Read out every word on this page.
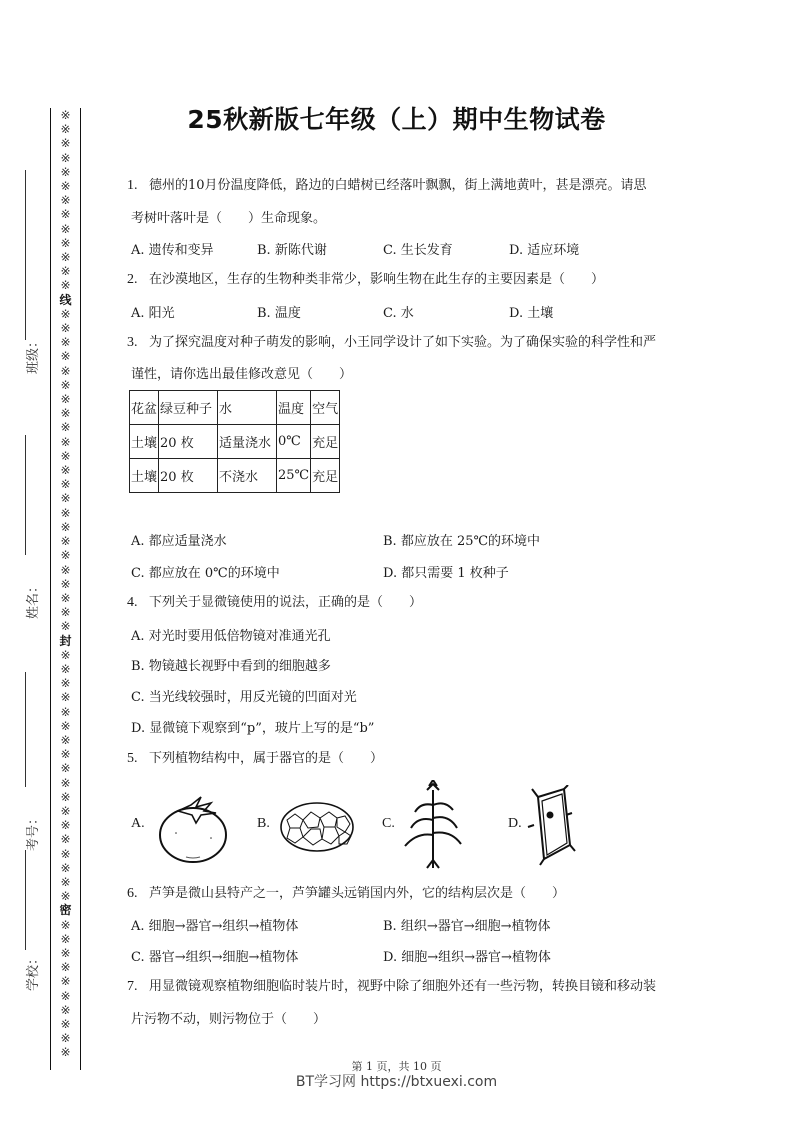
※
※
※
※
※
※
※
※
※
※
※
※
※
线
※
※
※
※
※
※
※
※
※
※
※
※
※
※
※
※
※
※
※
※
※
※
※
封
※
※
※
※
※
※
※
※
※
※
※
※
※
※
※
※
※
※
密
※
※
※
※
※
※
※
※
※
※
班级：
姓名：
考号：
学校：
25秋新版七年级（上）期中生物试卷
1. 德州的10月份温度降低，路边的白蜡树已经落叶飘飘，街上满地黄叶，甚是漂亮。请思
考树叶落叶是（　　）生命现象。
A. 遗传和变异	B. 新陈代谢	C. 生长发育	D. 适应环境
2. 在沙漠地区，生存的生物种类非常少，影响生物在此生存的主要因素是（　　）
A. 阳光	B. 温度	C. 水	D. 土壤
3. 为了探究温度对种子萌发的影响，小王同学设计了如下实验。为了确保实验的科学性和严
谨性，请你选出最佳修改意见（　　）
花盆	绿豆种子	水	温度	空气
土壤	20 枚	适量浇水	0℃	充足
土壤	20 枚	不浇水	25℃	充足
A. 都应适量浇水	B. 都应放在 25℃的环境中
C. 都应放在 0℃的环境中	D. 都只需要 1 枚种子
4. 下列关于显微镜使用的说法，正确的是（　　）
A. 对光时要用低倍物镜对准通光孔
B. 物镜越长视野中看到的细胞越多
C. 当光线较强时，用反光镜的凹面对光
D. 显微镜下观察到“p”，玻片上写的是“b”
5. 下列植物结构中，属于器官的是（　　）
A.	B.	C.	D.
6. 芦笋是微山县特产之一，芦笋罐头远销国内外，它的结构层次是（　　）
A. 细胞→器官→组织→植物体	B. 组织→器官→细胞→植物体
C. 器官→组织→细胞→植物体	D. 细胞→组织→器官→植物体
7. 用显微镜观察植物细胞临时装片时，视野中除了细胞外还有一些污物，转换目镜和移动装
片污物不动，则污物位于（　　）
第 1 页，共 10 页
BT学习网 https://btxuexi.com
